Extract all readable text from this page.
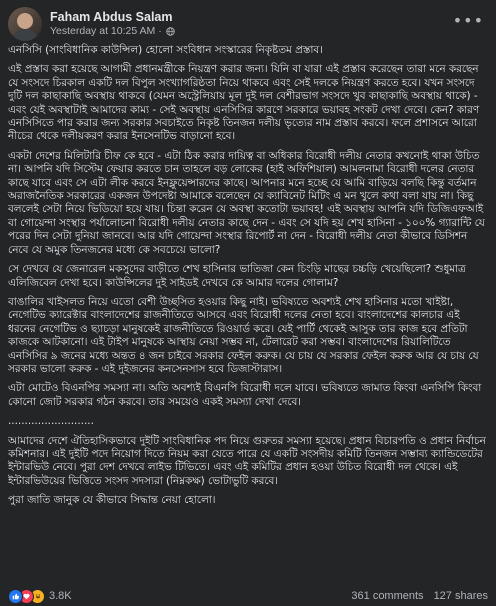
Faham Abdus Salam
Yesterday at 10:25 AM ·
•••

এনসিসি (সাংবিধানিক কাউন্সিল) হোলো সংবিধান সংস্কারের নিকৃষ্টতম প্রস্তাব।

এই প্রস্তাব করা হয়েছে আগামী প্রধানমন্ত্রীকে নিয়ন্ত্রণ করার জন্য। যিনি বা যারা এই প্রস্তাব করেছেন তারা মনে করছেন যে সংসদে চিরকাল একটি দল বিপুল সংখ্যাগরিষ্ঠতা নিয়ে থাকবে এবং সেই দলকে নিয়ন্ত্রণ করতে হবে। যখন সংসদে দুটি দল কাছাকাছি অবস্থায় থাকবে (যেমন অস্ট্রেলিয়ায় মূল দুই দল বেশীরভাগ সংসদে খুব কাছাকাছি অবস্থায় থাকে) - এবং যেই অবস্থাটাই আমাদের কাম্য - সেই অবস্থায় এনসিসির কারণে সরকারে ভয়াবহ সংকট দেখা দেবে। কেন? কারণ এনসিসিতে পার করার জন্য সরকার সবচাইতে নিকৃষ্ট তিনজন দলীয় ভৃত্যের নাম প্রস্তাব করবে। ফলে প্রশাসনে আরো নীচের থেকে দলীয়করণ করার ইনসেনটিভ বাড়ানো হবে।

একটা দেশের মিলিটারি চীফ কে হবে - এটা ঠিক করার দায়িত্ব বা অধিকার বিরোধী দলীয় নেতার কখনোই থাকা উচিত না। আপনি যদি সিস্টেম ফেয়ার করতে চান তাহলে বড় লোকের (হাই অফিশিয়াল) আমলনামা বিরোধী দলের নেতার কাছে যাবে এবং সে এটা লীক করবে ইনফ্লুয়েন্সারদের কাছে। আপনার মনে হচ্ছে যে আমি বাড়িয়ে বলছি কিন্তু বর্তমান অরাজনৈতিক সরকারের একজন উপদেষ্টা আমাকে বলেছেন যে ক্যাবিনেট মিটিং এ মন খুলে কথা বলা যায় না। কিছু বললেই সেটা নিয়ে ভিডিয়ো হয়ে যায়। চিন্তা করেন যে অবস্থা কতোটা ভয়াবহ! এই অবস্থায় আপনি যদি ডিজিএফআই বা গোয়েন্দা সংস্থার পর্যালোচনা বিরোধী দলীয় নেতার কাছে দেন - এবং সে যদি হয় শেখ হাসিনা - ১০০% গ্যারান্টি যে পরের দিন সেটা দুনিয়া জানবে। আর যদি গোয়েন্দা সংস্থার রিপোর্ট না দেন - বিরোধী দলীয় নেতা কীভাবে ডিসিশন নেবে যে অমুক তিনজনের মধ্যে কে সবচেয়ে ভালো?

সে দেখবে যে জেনারেল মকসুদের বাড়ীতে শেখ হাসিনার ভাতিজা কেন চিংড়ি মাছের চচ্চড়ি খেয়েছিলো? শুধুমাত্র এলিজিবেল দেখা হবে। কাউন্সিলের দুই সাইডই দেখবে কে আমার দলের গোলাম?

বাঙালির খাইসলত নিয়ে এতো বেশী উচ্ছসিত হওয়ার কিছু নাই। ভবিষ্যতে অবশ্যই শেখ হাসিনার মতো খাইষ্টা, নেগেটিভ ক্যারেক্টার বাংলাদেশের রাজনীতিতে আসবে এবং বিরোধী দলের নেতা হবে। বাংলাদেশের কালচার এই ধরনের নেগেটিভ ও ছ্যাচড়া মানুষকেই রাজনীতিতে রিওয়ার্ড করে। যেই পার্টি থেকেই আসুক তার কাজ হবে প্রতিটা কাজকে আটকানো। এই টাইপ মানুষকে আস্থায় নেয়া সম্ভব না, টেলারেট করা সম্ভব। বাংলাদেশের রিয়ালিটিতে এনসিসির ৯ জনের মধ্যে অন্তত ৪ জন চাইবে সরকার ফেইল করুক। যে চায় যে সরকার ফেইল করুক আর যে চায় যে সরকার ভালো করুক - এই দুইজনের কনসেনসাস হবে ডিজাস্টারাস।

এটা মোটেও বিএনপির সমস্যা না। অতি অবশ্যই বিএনপি বিরোধী দলে যাবে। ভবিষ্যতে জামাত কিংবা এনসিপি কিংবা কোনো জোট সরকার গঠন করবে। তার সময়েও একই সমস্যা দেখা দেবে।

..........................

আমাদের দেশে ঐতিহাসিকভাবে দুইটি সাংবিধানিক পদ নিয়ে গুরুতর সমস্যা হয়েছে। প্রধান বিচারপতি ও প্রধান নির্বাচন কমিশনার। এই দুইটি পদে নিয়োগ দিতে নিয়ম করা যেতে পারে যে একটি সংসদীয় কমিটি তিনজন সম্ভাব্য ক্যান্ডিডেটের ইন্টারভিউ নেবে। পুরা দেশ দেখবে লাইভ টিভিতে। এবং এই কমিটির প্রধান হওয়া উচিত বিরোধী দল থেকে। এই ইন্টারভিউয়ের ভিত্তিতে সংসদ সদস্যরা (নিম্নকক্ষ) ভোটাভুটি করবে।

পুরা জাতি জানুক যে কীভাবে সিদ্ধান্ত নেয়া হোলো।

3.8K	361 comments 127 shares
